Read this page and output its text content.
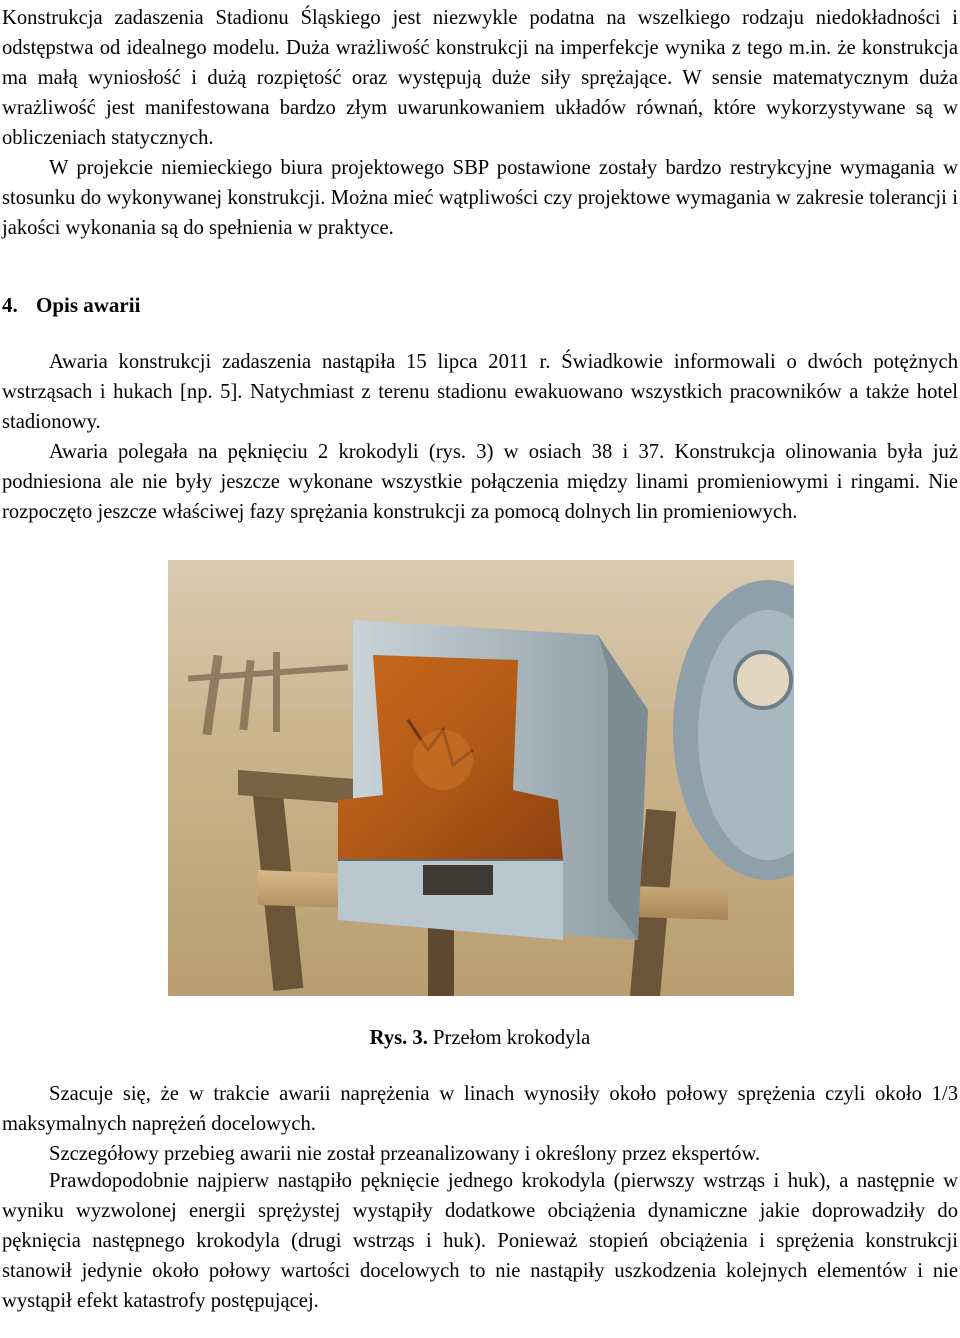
Konstrukcja zadaszenia Stadionu Śląskiego jest niezwykle podatna na wszelkiego rodzaju niedokładności i odstępstwa od idealnego modelu. Duża wrażliwość konstrukcji na imperfekcje wynika z tego m.in. że konstrukcja ma małą wyniosłość i dużą rozpiętość oraz występują duże siły sprężające. W sensie matematycznym duża wrażliwość jest manifestowana bardzo złym uwarunkowaniem układów równań, które wykorzystywane są w obliczeniach statycznych.

W projekcie niemieckiego biura projektowego SBP postawione zostały bardzo restrykcyjne wymagania w stosunku do wykonywanej konstrukcji. Można mieć wątpliwości czy projektowe wymagania w zakresie tolerancji i jakości wykonania są do spełnienia w praktyce.

4. Opis awarii

Awaria konstrukcji zadaszenia nastąpiła 15 lipca 2011 r. Świadkowie informowali o dwóch potężnych wstrząsach i hukach [np. 5]. Natychmiast z terenu stadionu ewakuowano wszystkich pracowników a także hotel stadionowy.

Awaria polegała na pęknięciu 2 krokodyli (rys. 3) w osiach 38 i 37. Konstrukcja olinowania była już podniesiona ale nie były jeszcze wykonane wszystkie połączenia między linami promieniowymi i ringami. Nie rozpoczęto jeszcze właściwej fazy sprężania konstrukcji za pomocą dolnych lin promieniowych.

Rys. 3. Przełom krokodyla

Szacuje się, że w trakcie awarii naprężenia w linach wynosiły około połowy sprężenia czyli około 1/3 maksymalnych naprężeń docelowych.

Szczegółowy przebieg awarii nie został przeanalizowany i określony przez ekspertów.

Prawdopodobnie najpierw nastąpiło pęknięcie jednego krokodyla (pierwszy wstrząs i huk), a następnie w wyniku wyzwolonej energii sprężystej wystąpiły dodatkowe obciążenia dynamiczne jakie doprowadziły do pęknięcia następnego krokodyla (drugi wstrząs i huk). Ponieważ stopień obciążenia i sprężenia konstrukcji stanowił jedynie około połowy wartości docelowych to nie nastąpiły uszkodzenia kolejnych elementów i nie wystąpił efekt katastrofy postępującej.
